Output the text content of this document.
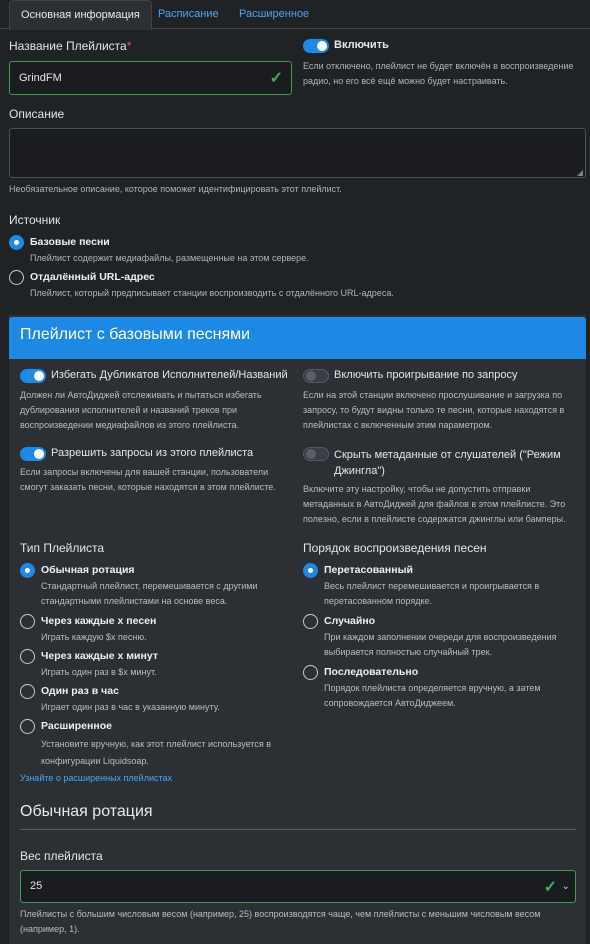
Основная информация	Расписание	Расширенное
Название Плейлиста*
GrindFM	✓
Включить
Если отключено, плейлист не будет включён в воспроизведение
радио, но его всё ещё можно будет настраивать.
Описание
◢
Необязательное описание, которое поможет идентифицировать этот плейлист.
Источник
Базовые песни
Плейлист содержит медиафайлы, размещенные на этом сервере.
Отдалённый URL-адрес
Плейлист, который предписывает станции воспроизводить с отдалённого URL-адреса.
Плейлист с базовыми песнями
Избегать Дубликатов Исполнителей/Названий
Должен ли АвтоДиджей отслеживать и пытаться избегать
дублирования исполнителей и названий треков при
воспроизведении медиафайлов из этого плейлиста.
Включить проигрывание по запросу
Если на этой станции включено прослушивание и загрузка по
запросу, то будут видны только те песни, которые находятся в
плейлистах с включенным этим параметром.
Разрешить запросы из этого плейлиста
Если запросы включены для вашей станции, пользователи
смогут заказать песни, которые находятся в этом плейлисте.
Скрыть метаданные от слушателей ("Режим
Джингла")
Включите эту настройку, чтобы не допустить отправки
метаданных в АвтоДиджей для файлов в этом плейлисте. Это
полезно, если в плейлисте содержатся джинглы или бамперы.
Тип Плейлиста
Обычная ротация
Стандартный плейлист, перемешивается с другими
стандартными плейлистами на основе веса.
Через каждые х песен
Играть каждую $x песню.
Через каждые х минут
Играть один раз в $x минут.
Один раз в час
Играет один раз в час в указанную минуту.
Расширенное
Установите вручную, как этот плейлист используется в
конфигурации Liquidsoap.
Узнайте о расширенных плейлистах
Порядок воспроизведения песен
Перетасованный
Весь плейлист перемешивается и проигрывается в
перетасованном порядке.
Случайно
При каждом заполнении очереди для воспроизведения
выбирается полностью случайный трек.
Последовательно
Порядок плейлиста определяется вручную, а затем
сопровождается АвтоДиджеем.
Обычная ротация
Вес плейлиста
25	✓ ⌄
Плейлисты с большим числовым весом (например, 25) воспроизводятся чаще, чем плейлисты с меньшим числовым весом
(например, 1).
